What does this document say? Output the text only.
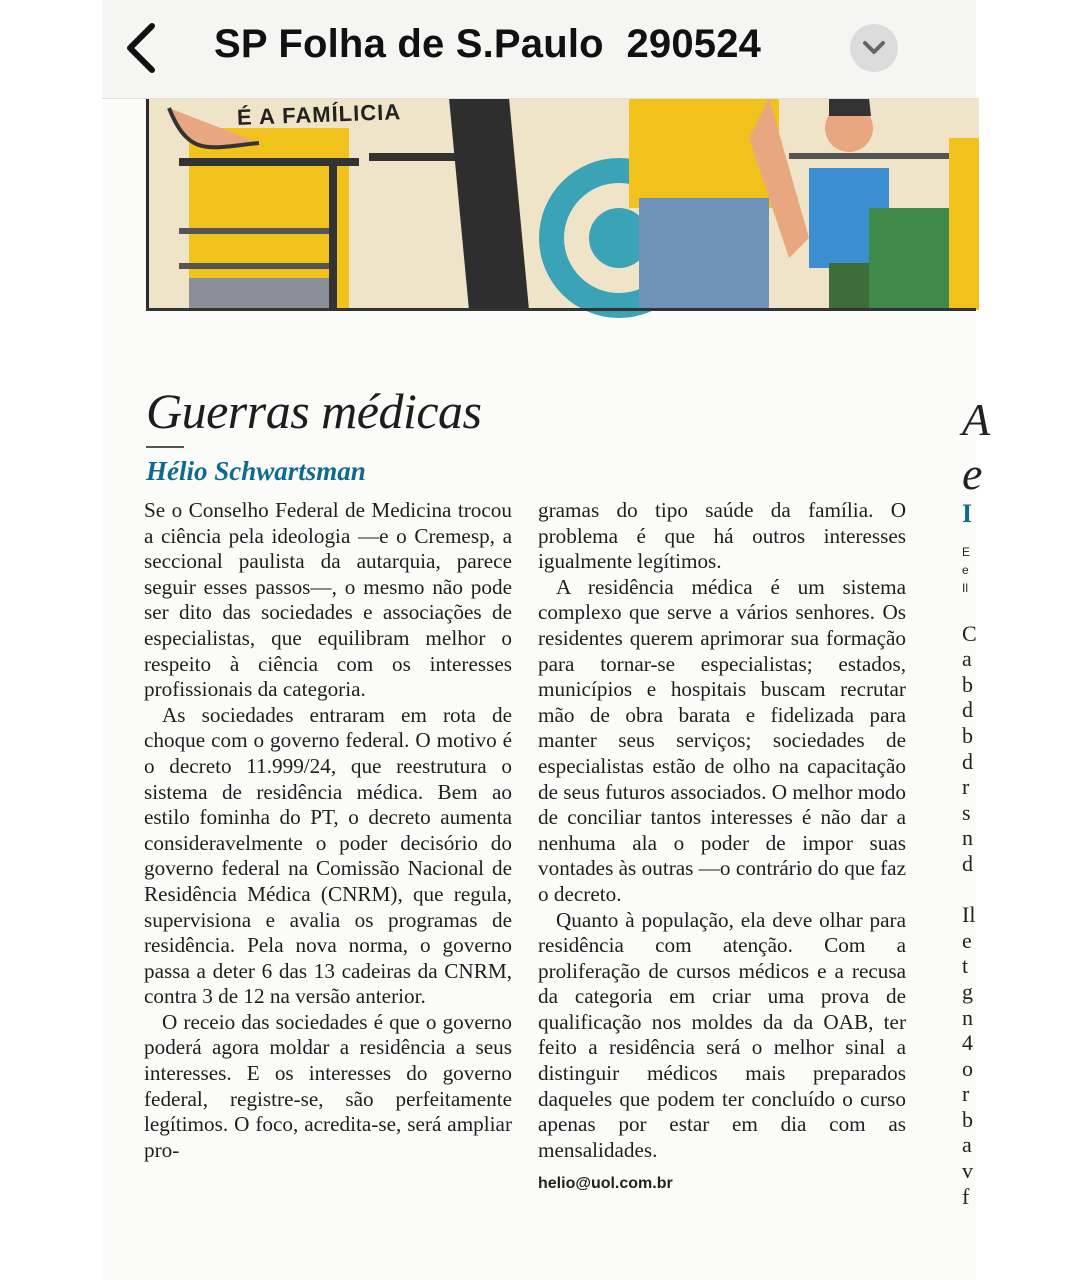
SP Folha de S.Paulo  290524
É A FAMÍLICIA
Guerras médicas
Hélio Schwartsman

Se o Conselho Federal de Medicina trocou a ciência pela ideologia —e o Cremesp, a seccional paulista da autarquia, parece seguir esses passos—, o mesmo não pode ser dito das sociedades e associações de especialistas, que equilibram melhor o respeito à ciência com os interesses profissionais da categoria.

As sociedades entraram em rota de choque com o governo federal. O motivo é o decreto 11.999/24, que reestrutura o sistema de residência médica. Bem ao estilo fominha do PT, o decreto aumenta consideravelmente o poder decisório do governo federal na Comissão Nacional de Residência Médica (CNRM), que regula, supervisiona e avalia os programas de residência. Pela nova norma, o governo passa a deter 6 das 13 cadeiras da CNRM, contra 3 de 12 na versão anterior.

O receio das sociedades é que o governo poderá agora moldar a residência a seus interesses. E os interesses do governo federal, registre-se, são perfeitamente legítimos. O foco, acredita-se, será ampliar pro-

gramas do tipo saúde da família. O problema é que há outros interesses igualmente legítimos.

A residência médica é um sistema complexo que serve a vários senhores. Os residentes querem aprimorar sua formação para tornar-se especialistas; estados, municípios e hospitais buscam recrutar mão de obra barata e fidelizada para manter seus serviços; sociedades de especialistas estão de olho na capacitação de seus futuros associados. O melhor modo de conciliar tantos interesses é não dar a nenhuma ala o poder de impor suas vontades às outras —o contrário do que faz o decreto.

Quanto à população, ela deve olhar para residência com atenção. Com a proliferação de cursos médicos e a recusa da categoria em criar uma prova de qualificação nos moldes da da OAB, ter feito a residência será o melhor sinal a distinguir médicos mais preparados daqueles que podem ter concluído o curso apenas por estar em dia com as mensalidades.

helio@uol.com.br
A
e
I
E
e
Il
C
a
b
d
b
d
r
s
n
d

Il
e
t
g
n
4
o
r
b
a
v
f
